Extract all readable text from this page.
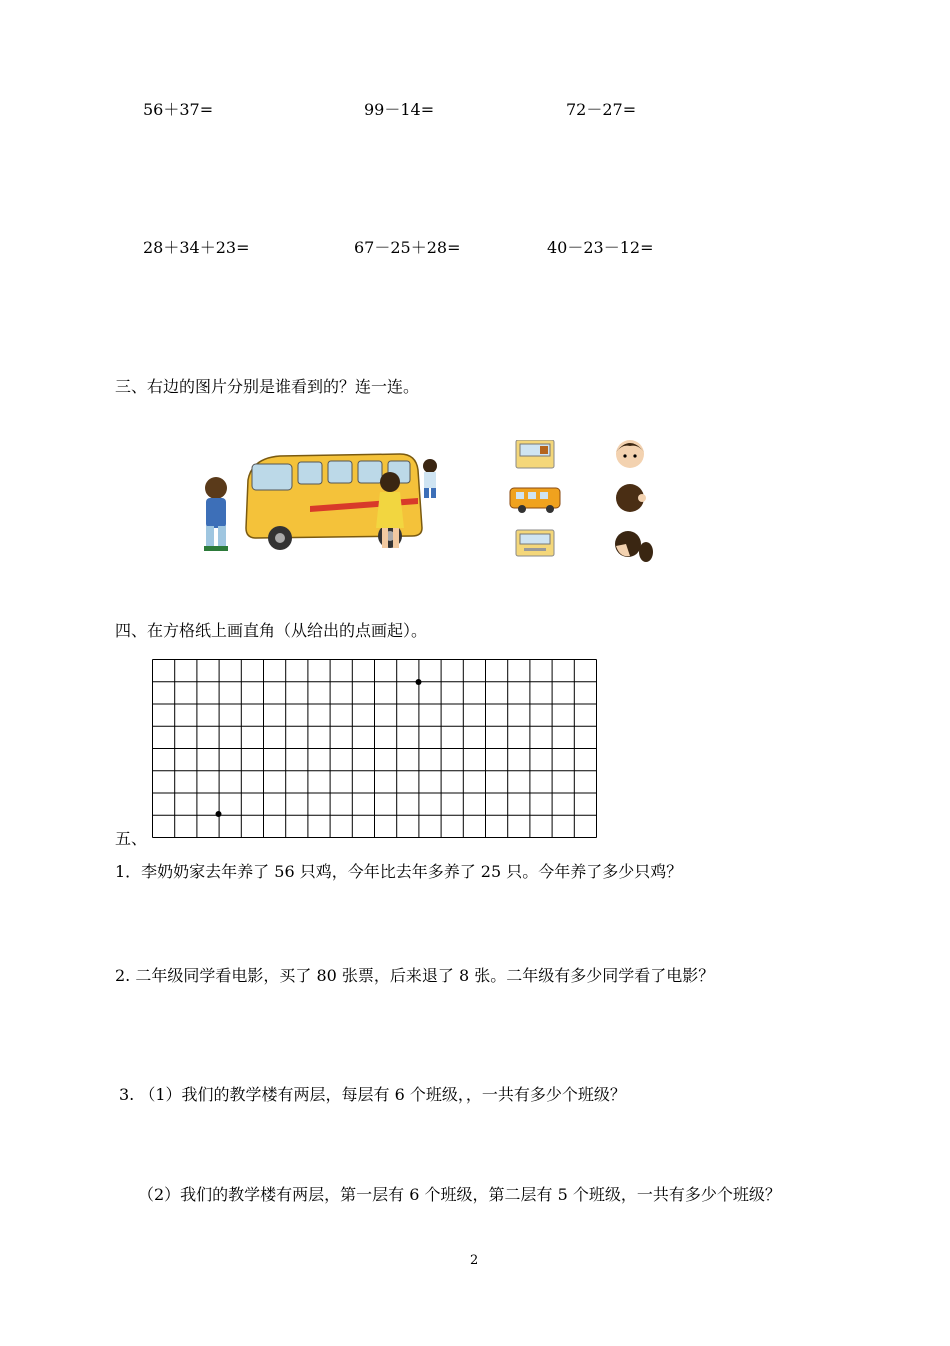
56＋37=	99－14=	72－27=
28＋34＋23=	67－25＋28=	40－23－12=
三、右边的图片分别是谁看到的？连一连。
四、在方格纸上画直角（从给出的点画起）。
五、
1．李奶奶家去年养了 56 只鸡，今年比去年多养了 25 只。今年养了多少只鸡？
2. 二年级同学看电影，买了 80 张票，后来退了 8 张。二年级有多少同学看了电影？
3. （1）我们的教学楼有两层，每层有 6 个班级，，一共有多少个班级？
（2）我们的教学楼有两层，第一层有 6 个班级，第二层有 5 个班级，一共有多少个班级？
2
